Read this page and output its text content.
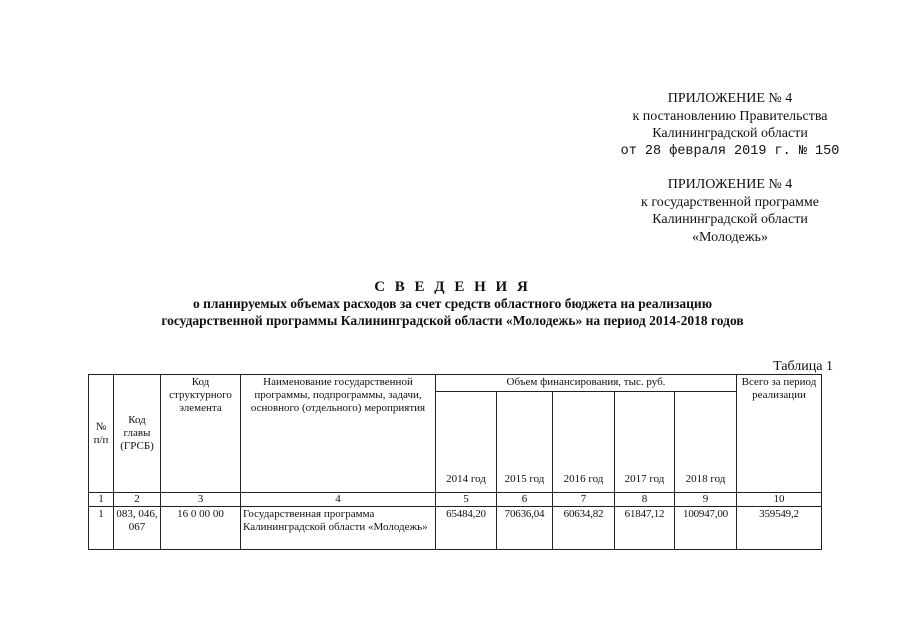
ПРИЛОЖЕНИЕ № 4
к постановлению Правительства
Калининградской области
от 28 февраля 2019 г. № 150
ПРИЛОЖЕНИЕ № 4
к государственной программе
Калининградской области
«Молодежь»
С В Е Д Е Н И Я
о планируемых объемах расходов за счет средств областного бюджета на реализацию
государственной программы Калининградской области «Молодежь» на период 2014-2018 годов
Таблица 1
№ п/п	Код главы (ГРСБ)	Код структурного элемента	Наименование государственной программы, подпрограммы, задачи, основного (отдельного) мероприятия	Объем финансирования, тыс. руб.					Всего за период реализации
				2014 год	2015 год	2016 год	2017 год	2018 год	
1	2	3	4	5	6	7	8	9	10
1	083, 046, 067	16 0 00 00	Государственная программа Калининградской области «Молодежь»	65484,20	70636,04	60634,82	61847,12	100947,00	359549,2
